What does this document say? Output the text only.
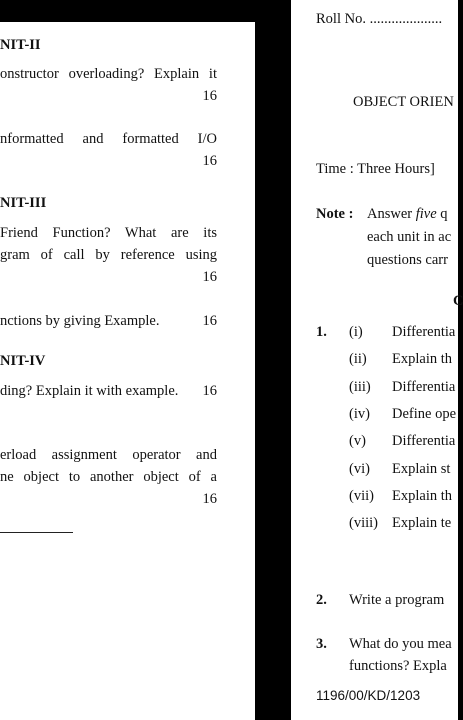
NIT-II
onstructor overloading? Explain it
16
nformatted and formatted I/O
16
NIT-III
Friend Function? What are its
gram of call by reference using
16
nctions by giving Example.	16
NIT-IV
ding? Explain it with example. 16
erload assignment operator and
ne object to another object of a
16
Roll No. ....................
OBJECT ORIEN
Time : Three Hours]
Note : Answer five q
each unit in ac
questions carr
C
1. (i) Differentia
(ii) Explain th
(iii) Differentia
(iv) Define ope
(v) Differentia
(vi) Explain st
(vii) Explain th
(viii) Explain te
2. Write a program
3. What do you mea
functions? Expla
1196/00/KD/1203
